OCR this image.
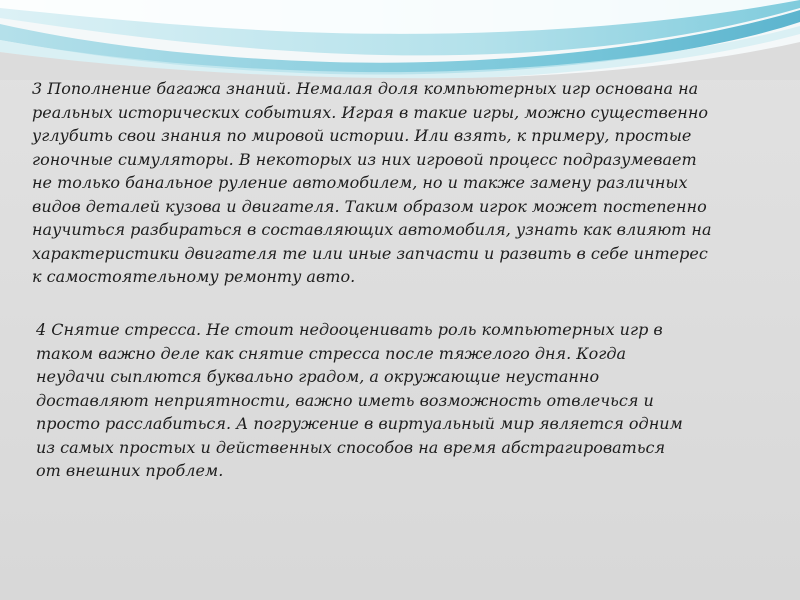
3 Пополнение багажа знаний. Немалая доля компьютерных игр основана на
реальных исторических событиях. Играя в такие игры, можно существенно
углубить свои знания по мировой истории. Или взять, к примеру, простые
гоночные симуляторы. В некоторых из них игровой процесс подразумевает
не только банальное руление автомобилем, но и также замену различных
видов деталей кузова и двигателя. Таким образом игрок может постепенно
научиться разбираться в составляющих автомобиля, узнать как влияют на
характеристики двигателя те или иные запчасти и развить в себе интерес
к самостоятельному ремонту авто.

4 Снятие стресса. Не стоит недооценивать роль компьютерных игр в
таком важно деле как снятие стресса после тяжелого дня. Когда
неудачи сыплются буквально градом, а окружающие неустанно
доставляют неприятности, важно иметь возможность отвлечься и
просто расслабиться. А погружение в виртуальный мир является одним
из самых простых и действенных способов на время абстрагироваться
от внешних проблем.
